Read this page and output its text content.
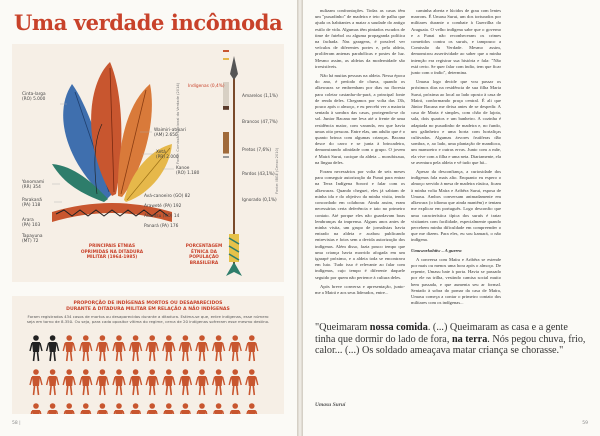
Uma verdade incômoda
Cinta-larga
(RO) 5.000
Waimiri-atroari
(AM) 2.650
Xetá
(PR) 2.000
Kanoe
(RO) 1.180
Yanomami
(RR) 354
Parakanã
(PA) 118
Arara
(PA) 103
Tapayuna
(MT) 72
Avá-canoeiro (GO) 82
Araweté (PA) 192
Akuntsu (RO) 14
Panará (PA) 176
PRINCIPAIS ETNIAS OPRIMIDAS NA DITADURA MILITAR (1964-1985)
Indígenas (0,4%)
Amarelos (1,1%)
Brancos (47,7%)
Pretos (7,6%)
Pardos (43,1%)
Ignorado (0,1%)
PORCENTAGEM ÉTNICA DA POPULAÇÃO BRASILEIRA
Fonte: Comissão Nacional da Verdade (2014)
Fonte: IBGE (Censo 2010)
PROPORÇÃO DE INDÍGENAS MORTOS OU DESAPARECIDOS
DURANTE A DITADURA MILITAR EM RELAÇÃO A NÃO INDÍGENAS
Foram registrados 434 casos de mortos ou desaparecidos durante a ditadura. Estima-se que, entre indígenas, esse número seja em torno de 8.350. Ou seja, para cada opositor vítima do regime, cerca de 20 indígenas sofreram esse mesmo destino.
58 |

nulizam confrontações. Todas as casas têm um "puxadinho" de madeira e teto de palha que ajuda os habitantes a matar a saudade do antigo estilo de vida. Algumas têm pintados escudos de time de futebol ou alguma propaganda política na fachada. Nas garagens, é possível ver veículos de diferentes portes e, pela aldeia, proliferam antenas parabólicas e postes de luz. Mesmo assim, as aldeias da modernidade são irresistíveis.

Não há muitas pessoas na aldeia. Nessa época do ano, é período de chuva, quando os alkewaras se embrenham por dias na floresta para coletar castanha-do-pará, a principal fonte de renda deles. Chegamos por volta das 13h, pouco após o almoço, e eu percebi ver a maioria sentada à sombra das casas, protegendo-se do sol. Junior Bacana me leva até a frente de uma residência maior, com varanda, em que havia umas oito pessoas. Entre elas, um adulto que é o quanto brinca com algumas crianças. Bacana desce do carro e se junta à brincadeira, demonstrando afinidade com o grupo. O jovem é Mairá Surui, cacique da aldeia – morubixaua, na língua deles.

Foram necessários por volta de seis meses para conseguir autorização da Funai para entrar na Terra Indígena Sororó e falar com os alkewaras. Quando cheguei, eles já sabiam de minha ida e do objetivo da minha visita, tendo concordado em colaborar. Ainda assim, eram necessárias certa deferência e tato no primeiro contato. Até porque eles não guardavam boas lembranças da imprensa. Alguns anos antes de minha visita, um grupo de jornalistas havia entrado na aldeia e acabou publicando entrevistas e fotos sem a devida autorização dos indígenas. Além disso, fazia pouco tempo que uma criança havia morrido afogada em um igarapé próximo, e a aldeia toda se encontrava em luto. Tudo isso é relevante ao falar com indígenas, cujo tempo é diferente daquele seguido por quem não pertence à cultura deles.

Após breve conversa e apresentação, junto-me a Mairá e aos seus liderados, entre...

caminha aberta e lúcidos de grau com lentes marrons. É Umasu Surui, um dos torturados por militares durante o combate à Guerrilha do Araguaia. O velho indígena sabe que o governo e a Funai não reconheceram os crimes cometidos contra os suruís, e tampouco a Comissão da Verdade. Mesmo assim, demonstrou assertividade ao saber que a minha intenção era registrar sua história e fala: "Não está certo. Se quer falar com índio, tem que ficar junto com o índio", determina.

Umasu logo decide que vou passar os próximos dias na residência de sua filha Maria Surui, próxima ao local ao lado oposto à casa de Mairá, conformando praça central. É ali que Júnior Bacana me deixa antes de se despedir. A casa de Maria é simples, com chão de lajota, sala, dois quartos e um banheiro. A cozinha é adaptada no puxadinho de madeira e, no fundo, um galinheiro e uma horta com hortaliças cultivadas. Algumas árvores frutíferas dão sombra, e, ao lado, uma plantação de mandioca, um mamoeiro e outras ervas. Junto com a mãe, ela vive com a filha e uma neta. Diariamente, ela se aventura pela aldeia e vê tudo que há...

Apesar da desconfiança, a curiosidade dos indígenas fala mais alto. Enquanto eu espero o almoço servido à mesa de madeira rústica, ficam à minha volta Maíra e Aribêra Surui, esposa de Umasu. Ambos conversam animadamente em alkewara (o idioma que ainda mantêm) e tentam me explicar em português. Logo desconfio que uma característica típica dos suruís é tratar visitantes com facilidade, especialmente quando percebem minha dificuldade em compreender o que me dizem. Para eles, eu sou kamará, o não indígena.

Umuworkohtiw – A guerra

A conversa com Maíra e Aribêra se estende por mais ou menos uma hora após o almoço. De repente, Umasu bate à porta. Havia se passado por ele na trilha, vestindo camisa social muito bem passada, e que aumenta seu ar formal. Sentado à sobra do pomar da casa de Maíra, Umasu começa a contar o primeiro contato dos militares com os indígenas...

"Queimaram nossa comida. (...) Queimaram as casa e a gente tinha que dormir do lado de fora, na terra. Nós pegou chuva, frio, calor... (...) Os soldado ameaçava matar criança se chorasse."
Umasu Suruí
59
